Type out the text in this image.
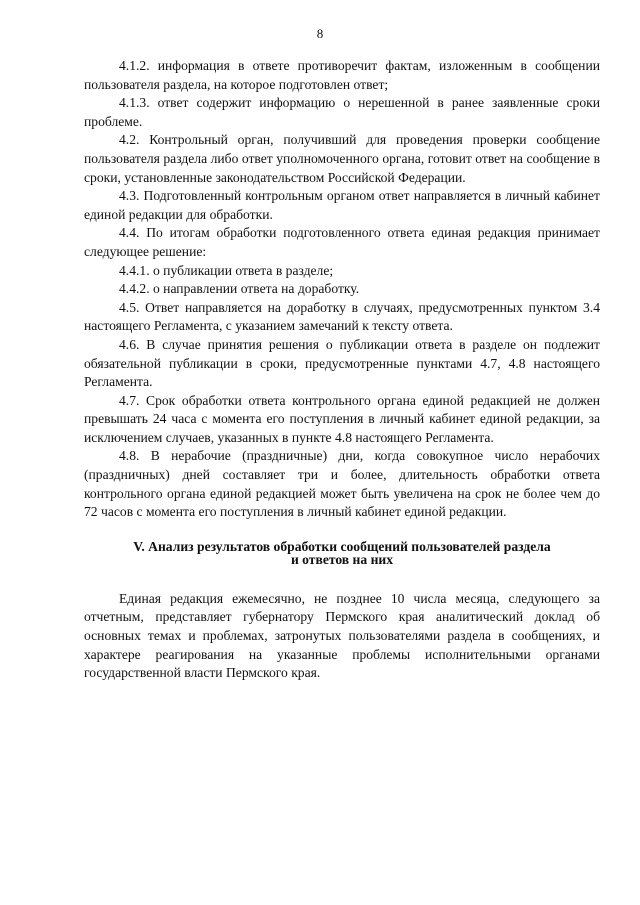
8

4.1.2. информация в ответе противоречит фактам, изложенным в сообщении пользователя раздела, на которое подготовлен ответ;

4.1.3. ответ содержит информацию о нерешенной в ранее заявленные сроки проблеме.

4.2. Контрольный орган, получивший для проведения проверки сообщение пользователя раздела либо ответ уполномоченного органа, готовит ответ на сообщение в сроки, установленные законодательством Российской Федерации.

4.3. Подготовленный контрольным органом ответ направляется в личный кабинет единой редакции для обработки.

4.4. По итогам обработки подготовленного ответа единая редакция принимает следующее решение:

4.4.1. о публикации ответа в разделе;

4.4.2. о направлении ответа на доработку.

4.5. Ответ направляется на доработку в случаях, предусмотренных пунктом 3.4 настоящего Регламента, с указанием замечаний к тексту ответа.

4.6. В случае принятия решения о публикации ответа в разделе он подлежит обязательной публикации в сроки, предусмотренные пунктами 4.7, 4.8 настоящего Регламента.

4.7. Срок обработки ответа контрольного органа единой редакцией не должен превышать 24 часа с момента его поступления в личный кабинет единой редакции, за исключением случаев, указанных в пункте 4.8 настоящего Регламента.

4.8. В нерабочие (праздничные) дни, когда совокупное число нерабочих (праздничных) дней составляет три и более, длительность обработки ответа контрольного органа единой редакцией может быть увеличена на срок не более чем до 72 часов с момента его поступления в личный кабинет единой редакции.

V. Анализ результатов обработки сообщений пользователей раздела
и ответов на них

Единая редакция ежемесячно, не позднее 10 числа месяца, следующего за отчетным, представляет губернатору Пермского края аналитический доклад об основных темах и проблемах, затронутых пользователями раздела в сообщениях, и характере реагирования на указанные проблемы исполнительными органами государственной власти Пермского края.
